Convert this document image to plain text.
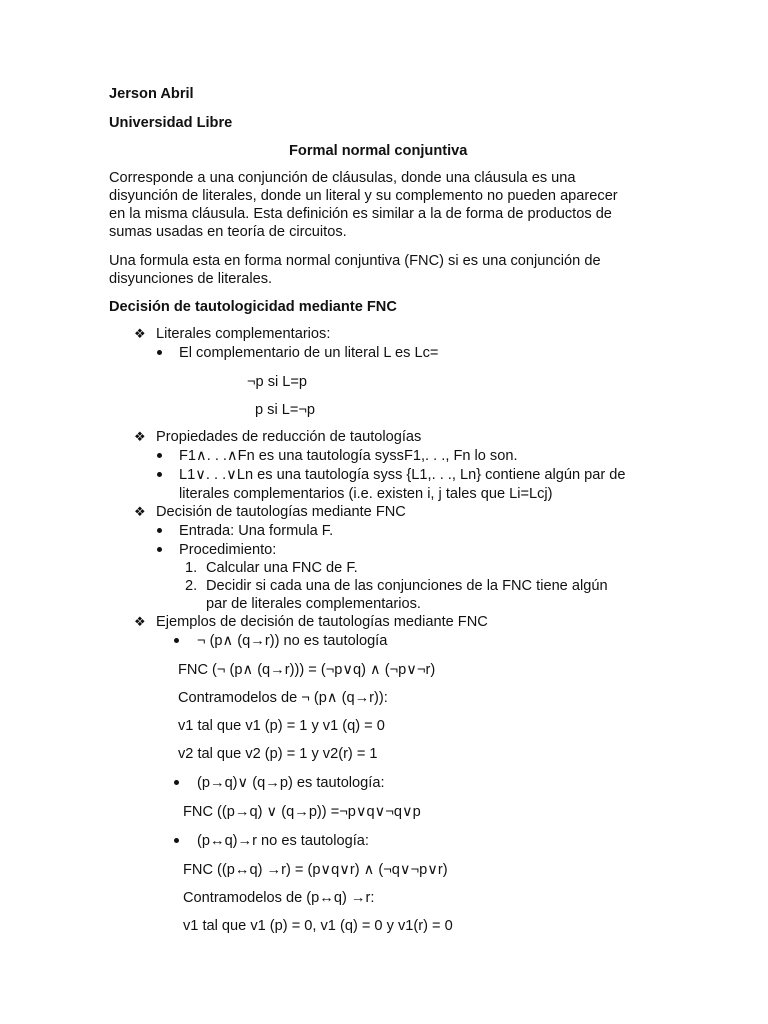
Jerson Abril
Universidad Libre
Formal normal conjuntiva
Corresponde a una conjunción de cláusulas, donde una cláusula es una
disyunción de literales, donde un literal y su complemento no pueden aparecer
en la misma cláusula. Esta definición es similar a la de forma de productos de
sumas usadas en teoría de circuitos.
Una formula esta en forma normal conjuntiva (FNC) si es una conjunción de
disyunciones de literales.
Decisión de tautologicidad mediante FNC
❖ Literales complementarios:
El complementario de un literal L es Lc=
¬p si L=p
p si L=¬p
❖ Propiedades de reducción de tautologías
F1∧. . .∧Fn es una tautología syssF1,. . ., Fn lo son.
L1∨. . .∨Ln es una tautología syss {L1,. . ., Ln} contiene algún par de
literales complementarios (i.e. existen i, j tales que Li=Lcj)
❖ Decisión de tautologías mediante FNC
Entrada: Una formula F.
Procedimiento:
1. Calcular una FNC de F.
2. Decidir si cada una de las conjunciones de la FNC tiene algún
par de literales complementarios.
❖ Ejemplos de decisión de tautologías mediante FNC
¬ (p∧ (q→r)) no es tautología
FNC (¬ (p∧ (q→r))) = (¬p∨q) ∧ (¬p∨¬r)
Contramodelos de ¬ (p∧ (q→r)):
v1 tal que v1 (p) = 1 y v1 (q) = 0
v2 tal que v2 (p) = 1 y v2(r) = 1
(p→q)∨ (q→p) es tautología:
FNC ((p→q) ∨ (q→p)) =¬p∨q∨¬q∨p
(p↔q)→r no es tautología:
FNC ((p↔q) →r) = (p∨q∨r) ∧ (¬q∨¬p∨r)
Contramodelos de (p↔q) →r:
v1 tal que v1 (p) = 0, v1 (q) = 0 y v1(r) = 0
